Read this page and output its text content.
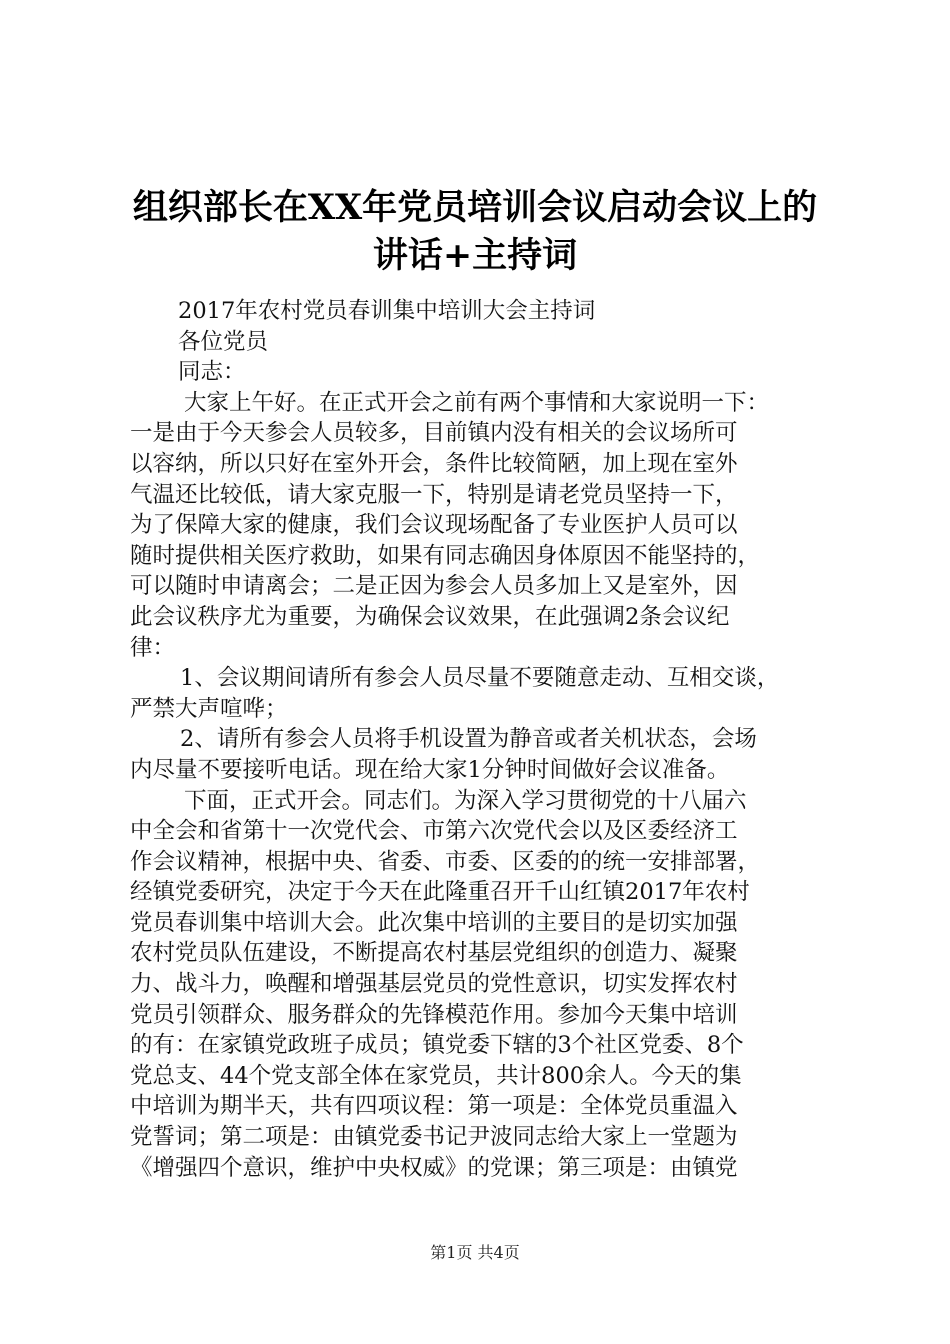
组织部长在XX年党员培训会议启动会议上的
讲话+主持词
2017年农村党员春训集中培训大会主持词
各位党员
同志：
大家上午好。在正式开会之前有两个事情和大家说明一下：
一是由于今天参会人员较多，目前镇内没有相关的会议场所可
以容纳，所以只好在室外开会，条件比较简陋，加上现在室外
气温还比较低，请大家克服一下，特别是请老党员坚持一下，
为了保障大家的健康，我们会议现场配备了专业医护人员可以
随时提供相关医疗救助，如果有同志确因身体原因不能坚持的，
可以随时申请离会；二是正因为参会人员多加上又是室外，因
此会议秩序尤为重要，为确保会议效果，在此强调2条会议纪
律：
1、会议期间请所有参会人员尽量不要随意走动、互相交谈，
严禁大声喧哗；
2、请所有参会人员将手机设置为静音或者关机状态，会场
内尽量不要接听电话。现在给大家1分钟时间做好会议准备。
下面，正式开会。同志们。为深入学习贯彻党的十八届六
中全会和省第十一次党代会、市第六次党代会以及区委经济工
作会议精神，根据中央、省委、市委、区委的的统一安排部署，
经镇党委研究，决定于今天在此隆重召开千山红镇2017年农村
党员春训集中培训大会。此次集中培训的主要目的是切实加强
农村党员队伍建设，不断提高农村基层党组织的创造力、凝聚
力、战斗力，唤醒和增强基层党员的党性意识，切实发挥农村
党员引领群众、服务群众的先锋模范作用。参加今天集中培训
的有：在家镇党政班子成员；镇党委下辖的3个社区党委、8个
党总支、44个党支部全体在家党员，共计800余人。今天的集
中培训为期半天，共有四项议程：第一项是：全体党员重温入
党誓词；第二项是：由镇党委书记尹波同志给大家上一堂题为
《增强四个意识，维护中央权威》的党课；第三项是：由镇党
第1页 共4页
